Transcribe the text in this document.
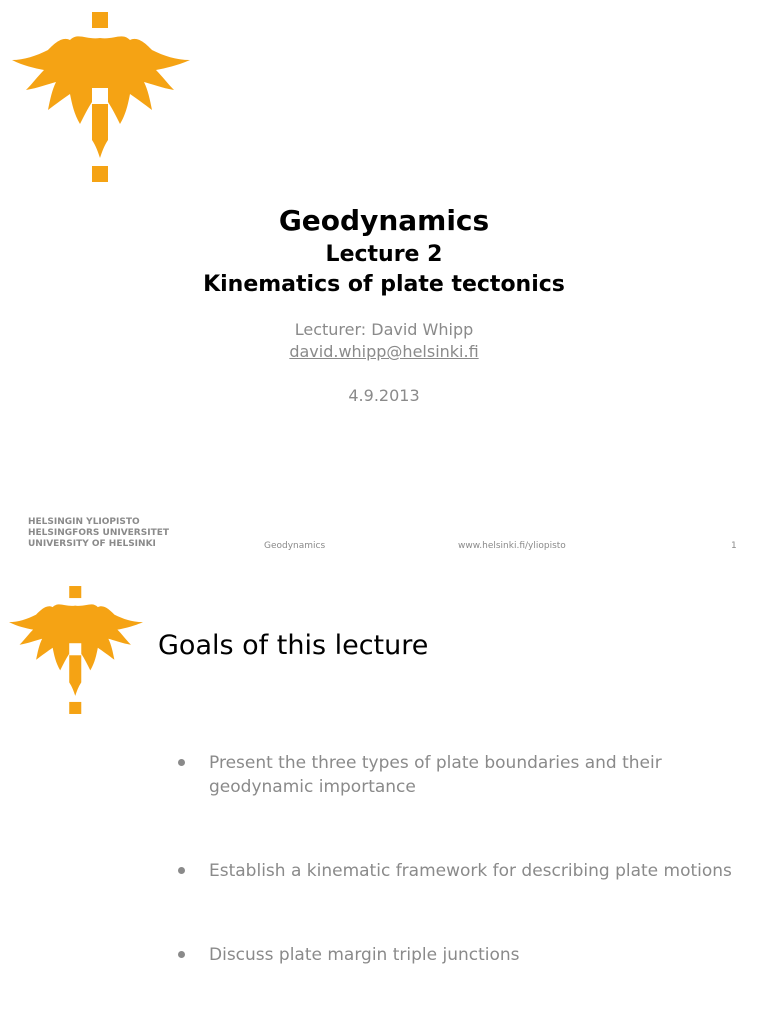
Geodynamics
Lecture 2
Kinematics of plate tectonics
Lecturer: David Whipp
david.whipp@helsinki.fi
4.9.2013
HELSINGIN YLIOPISTO
HELSINGFORS UNIVERSITET
UNIVERSITY OF HELSINKI	Geodynamics	www.helsinki.fi/yliopisto	1
Goals of this lecture
Present the three types of plate boundaries and their geodynamic importance
Establish a kinematic framework for describing plate motions
Discuss plate margin triple junctions
